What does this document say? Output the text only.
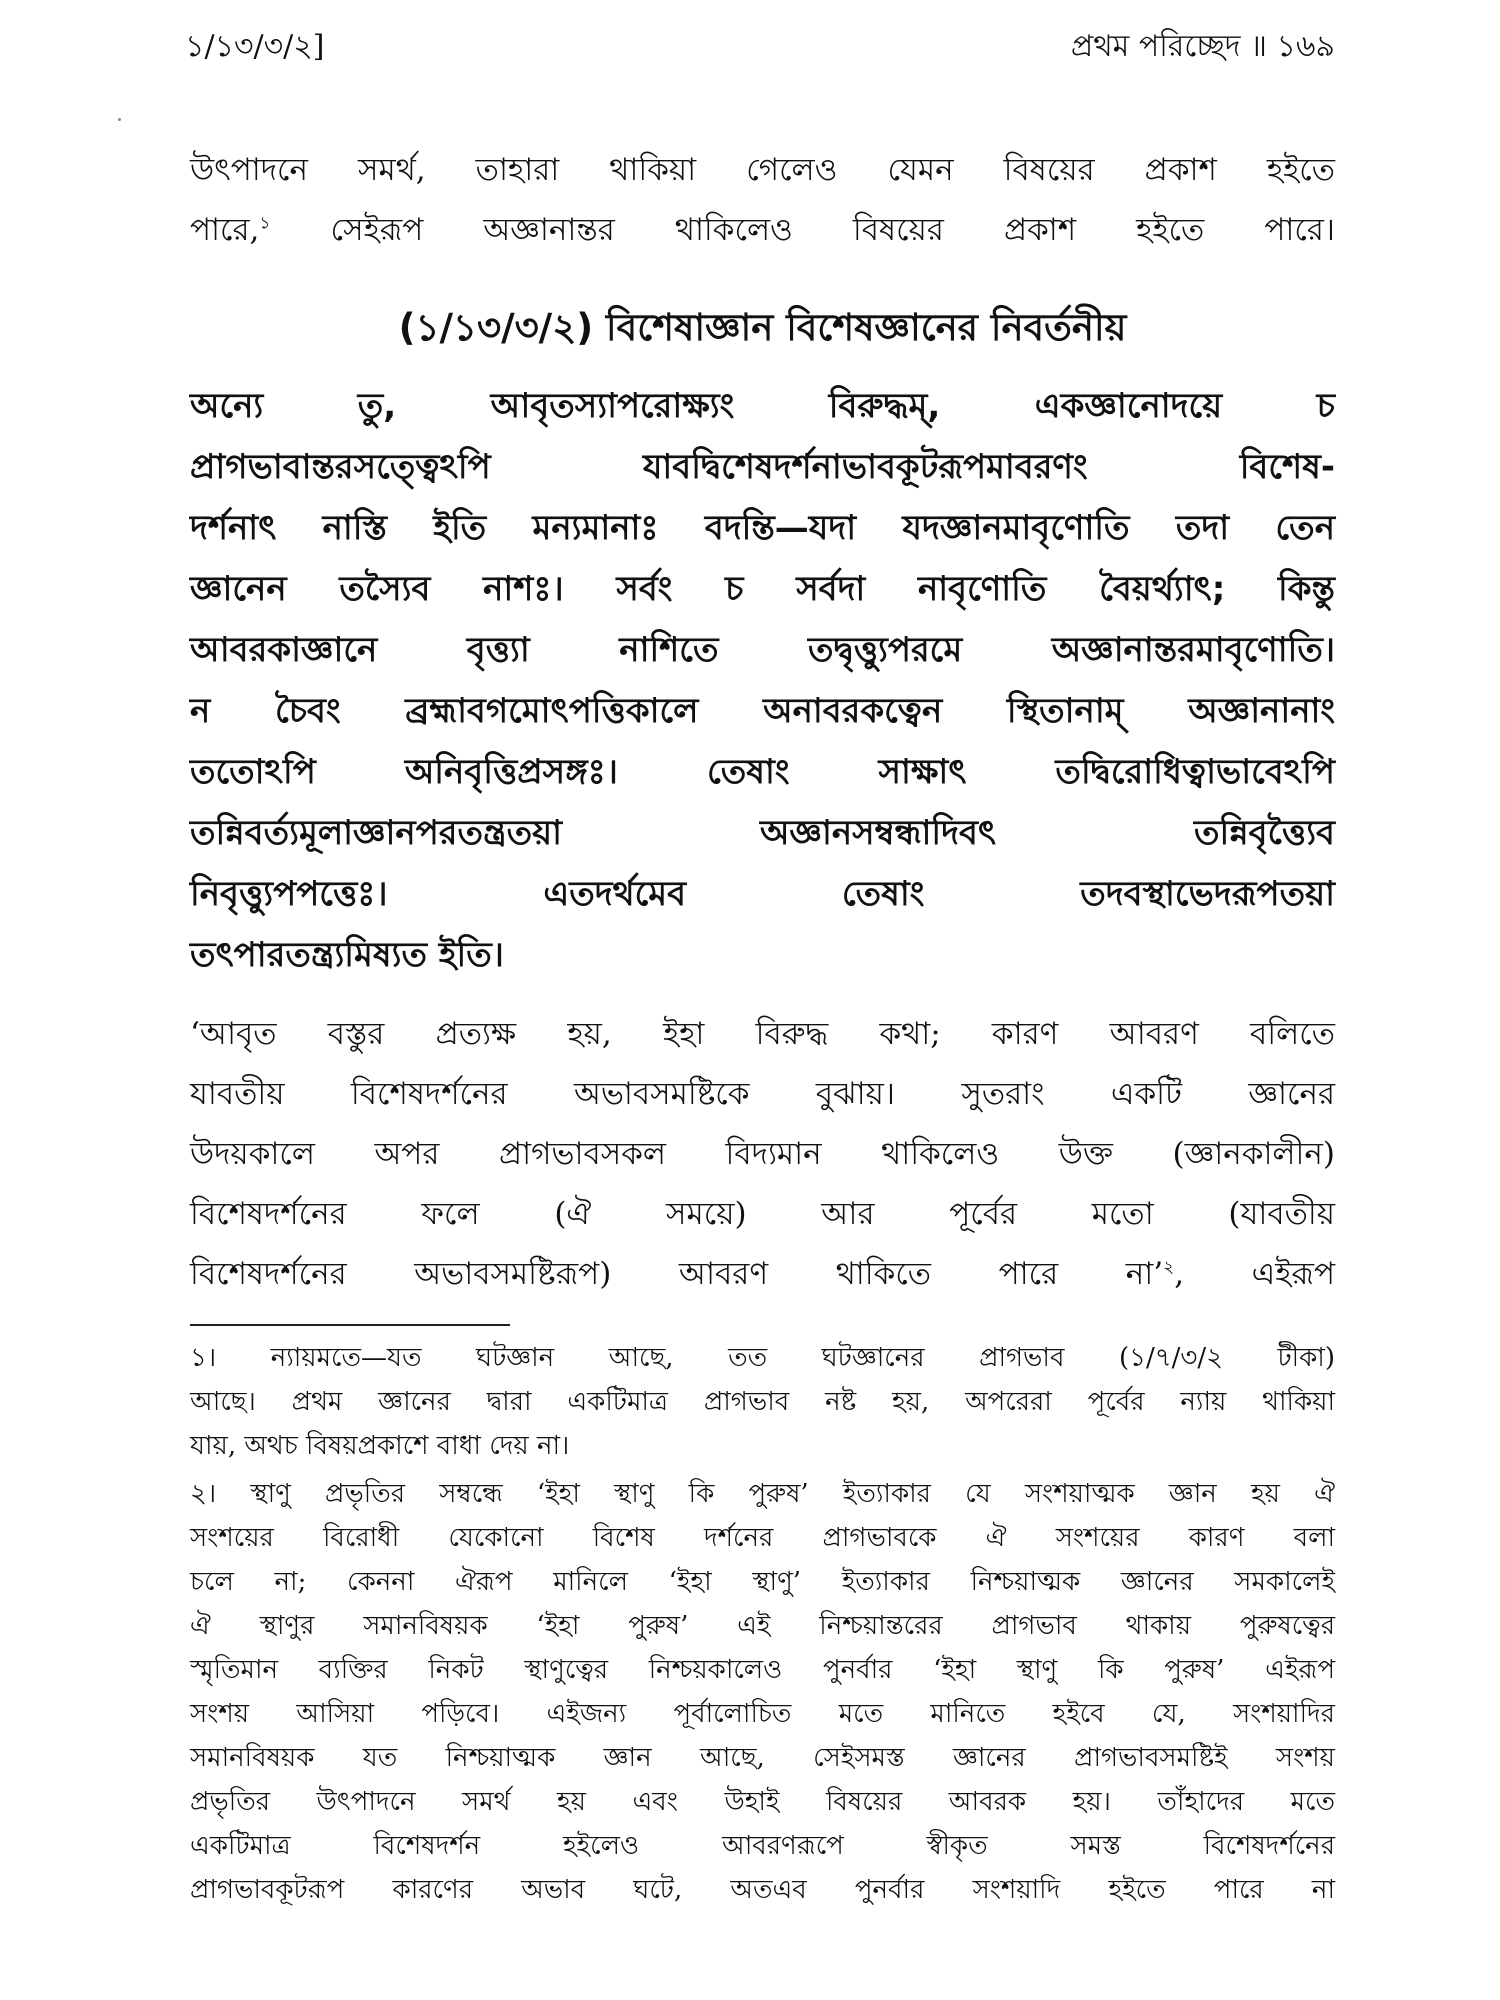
১/১৩/৩/২]	প্রথম পরিচ্ছেদ ॥ ১৬৯

উৎপাদনে সমর্থ, তাহারা থাকিয়া গেলেও যেমন বিষয়ের প্রকাশ হইতে
পারে,$^১$ সেইরূপ অজ্ঞানান্তর থাকিলেও বিষয়ের প্রকাশ হইতে পারে।

(১/১৩/৩/২) বিশেষাজ্ঞান বিশেষজ্ঞানের নিবর্তনীয়

অন্যে তু, আবৃতস্যাপরোক্ষ্যং বিরুদ্ধম্, একজ্ঞানোদয়ে চ
প্রাগভাবান্তরসত্ত্বেঽপি যাবদ্বিশেষদর্শনাভাবকূটরূপমাবরণং বিশেষ-
দর্শনাৎ নাস্তি ইতি মন্যমানাঃ বদন্তি—যদা যদজ্ঞানমাবৃণোতি তদা তেন
জ্ঞানেন তস্যৈব নাশঃ। সর্বং চ সর্বদা নাবৃণোতি বৈয়র্থ্যাৎ; কিন্তু
আবরকাজ্ঞানে বৃত্ত্যা নাশিতে তদ্বৃত্ত্যুপরমে অজ্ঞানান্তরমাবৃণোতি।
ন চৈবং ব্রহ্মাবগমোৎপত্তিকালে অনাবরকত্বেন স্থিতানাম্ অজ্ঞানানাং
ততোঽপি অনিবৃত্তিপ্রসঙ্গঃ। তেষাং সাক্ষাৎ তদ্বিরোধিত্বাভাবেঽপি
তন্নিবর্ত্যমূলাজ্ঞানপরতন্ত্রতয়া অজ্ঞানসম্বন্ধাদিবৎ তন্নিবৃত্ত্যৈব
নিবৃত্ত্যুপপত্তেঃ। এতদর্থমেব তেষাং তদবস্থাভেদরূপতয়া
তৎপারতন্ত্র্যমিষ্যত ইতি।

‘আবৃত বস্তুর প্রত্যক্ষ হয়, ইহা বিরুদ্ধ কথা; কারণ আবরণ বলিতে
যাবতীয় বিশেষদর্শনের অভাবসমষ্টিকে বুঝায়। সুতরাং একটি জ্ঞানের
উদয়কালে অপর প্রাগভাবসকল বিদ্যমান থাকিলেও উক্ত (জ্ঞানকালীন)
বিশেষদর্শনের ফলে (ঐ সময়ে) আর পূর্বের মতো (যাবতীয়
বিশেষদর্শনের অভাবসমষ্টিরূপ) আবরণ থাকিতে পারে না’$^২$, এইরূপ

১। ন্যায়মতে—যত ঘটজ্ঞান আছে, তত ঘটজ্ঞানের প্রাগভাব (১/৭/৩/২ টীকা)
আছে। প্রথম জ্ঞানের দ্বারা একটিমাত্র প্রাগভাব নষ্ট হয়, অপরেরা পূর্বের ন্যায় থাকিয়া
যায়, অথচ বিষয়প্রকাশে বাধা দেয় না।

২। স্থাণু প্রভৃতির সম্বন্ধে ‘ইহা স্থাণু কি পুরুষ’ ইত্যাকার যে সংশয়াত্মক জ্ঞান হয় ঐ
সংশয়ের বিরোধী যেকোনো বিশেষ দর্শনের প্রাগভাবকে ঐ সংশয়ের কারণ বলা
চলে না; কেননা ঐরূপ মানিলে ‘ইহা স্থাণু’ ইত্যাকার নিশ্চয়াত্মক জ্ঞানের সমকালেই
ঐ স্থাণুর সমানবিষয়ক ‘ইহা পুরুষ’ এই নিশ্চয়ান্তরের প্রাগভাব থাকায় পুরুষত্বের
স্মৃতিমান ব্যক্তির নিকট স্থাণুত্বের নিশ্চয়কালেও পুনর্বার ‘ইহা স্থাণু কি পুরুষ’ এইরূপ
সংশয় আসিয়া পড়িবে। এইজন্য পূর্বালোচিত মতে মানিতে হইবে যে, সংশয়াদির
সমানবিষয়ক যত নিশ্চয়াত্মক জ্ঞান আছে, সেইসমস্ত জ্ঞানের প্রাগভাবসমষ্টিই সংশয়
প্রভৃতির উৎপাদনে সমর্থ হয় এবং উহাই বিষয়ের আবরক হয়। তাঁহাদের মতে
একটিমাত্র বিশেষদর্শন হইলেও আবরণরূপে স্বীকৃত সমস্ত বিশেষদর্শনের
প্রাগভাবকূটরূপ কারণের অভাব ঘটে, অতএব পুনর্বার সংশয়াদি হইতে পারে না
